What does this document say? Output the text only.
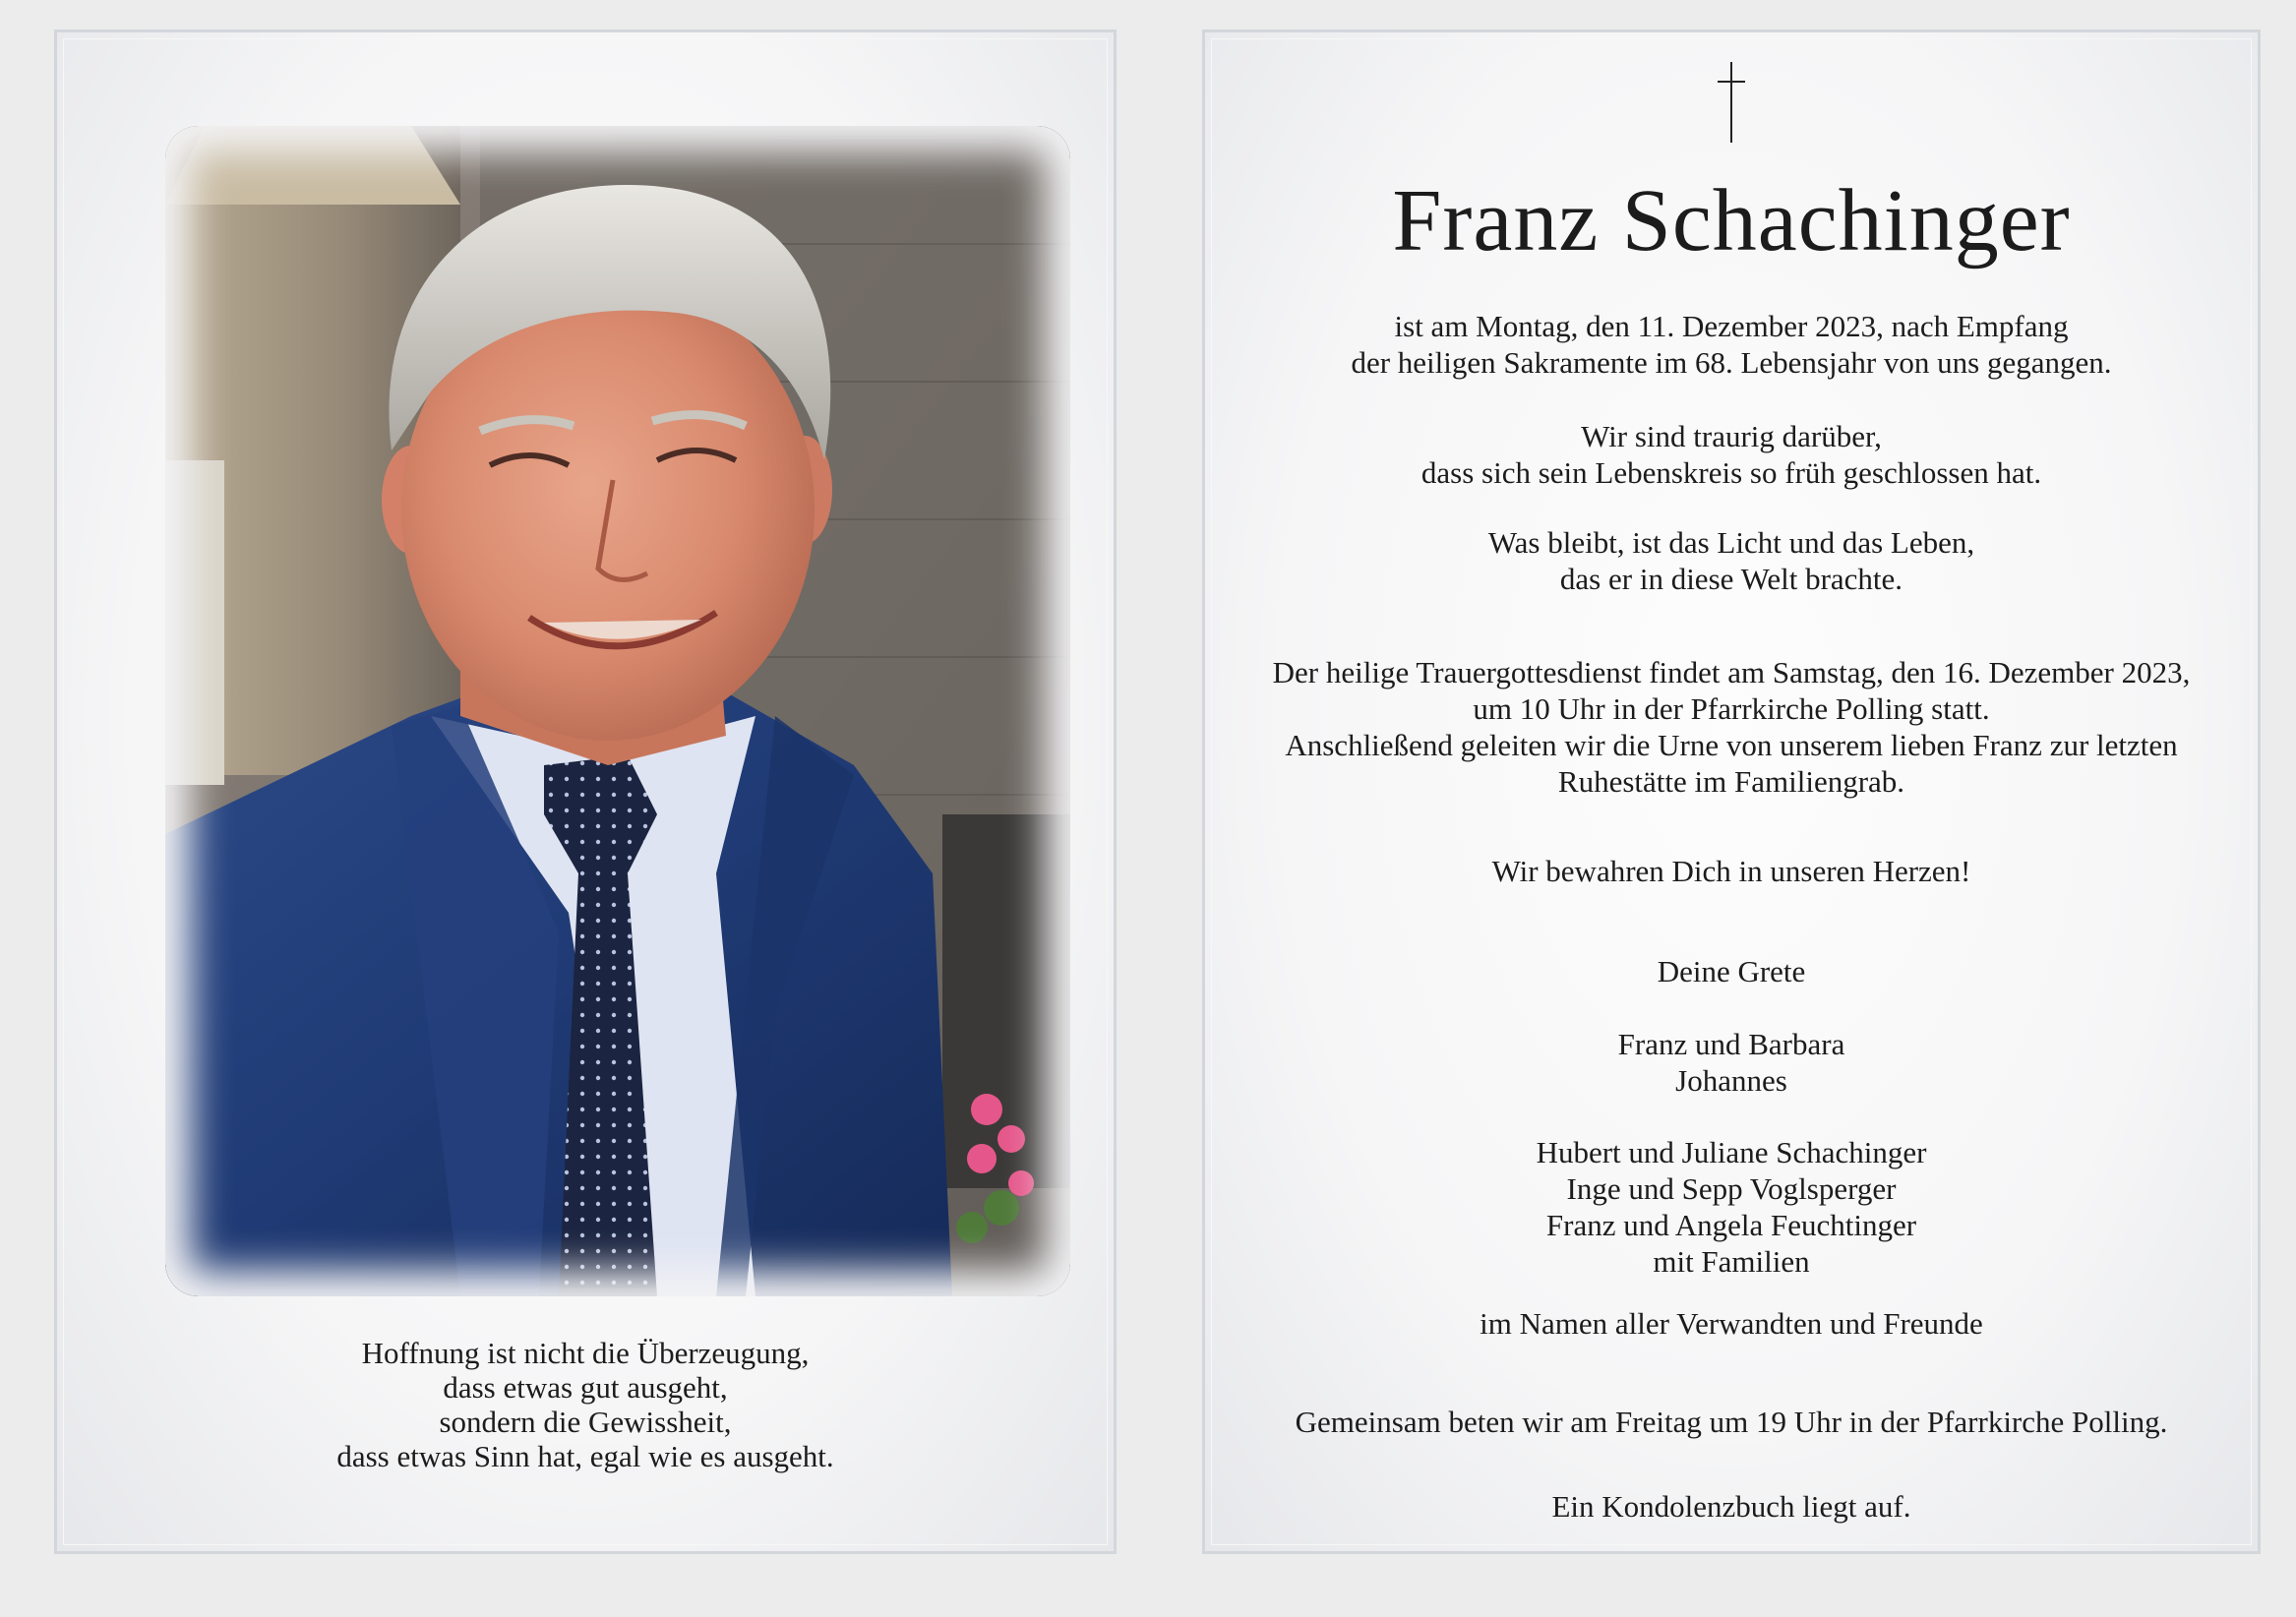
Hoffnung ist nicht die Überzeugung,
dass etwas gut ausgeht,
sondern die Gewissheit,
dass etwas Sinn hat, egal wie es ausgeht.

Franz Schachinger

ist am Montag, den 11. Dezember 2023, nach Empfang
der heiligen Sakramente im 68. Lebensjahr von uns gegangen.

Wir sind traurig darüber,
dass sich sein Lebenskreis so früh geschlossen hat.

Was bleibt, ist das Licht und das Leben,
das er in diese Welt brachte.

Der heilige Trauergottesdienst findet am Samstag, den 16. Dezember 2023,
um 10 Uhr in der Pfarrkirche Polling statt.
Anschließend geleiten wir die Urne von unserem lieben Franz zur letzten
Ruhestätte im Familiengrab.

Wir bewahren Dich in unseren Herzen!

Deine Grete

Franz und Barbara
Johannes

Hubert und Juliane Schachinger
Inge und Sepp Voglsperger
Franz und Angela Feuchtinger
mit Familien

im Namen aller Verwandten und Freunde

Gemeinsam beten wir am Freitag um 19 Uhr in der Pfarrkirche Polling.

Ein Kondolenzbuch liegt auf.
